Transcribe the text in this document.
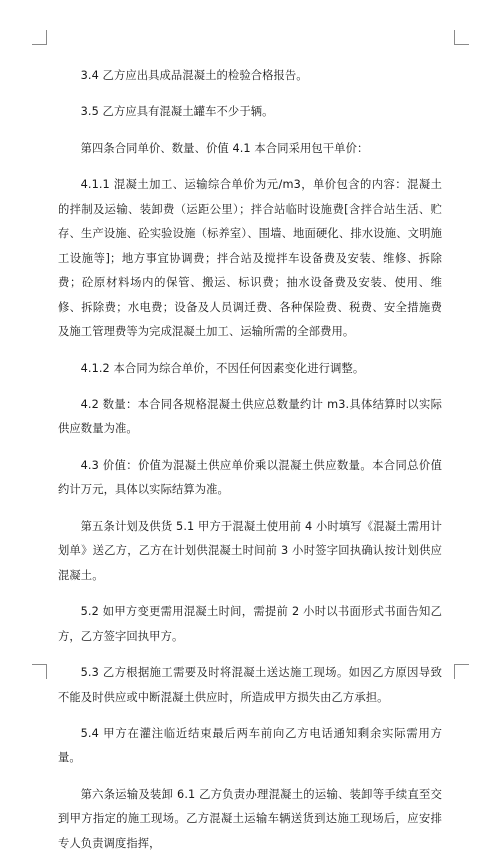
3.4 乙方应出具成品混凝土的检验合格报告。

3.5 乙方应具有混凝土罐车不少于辆。

第四条合同单价、数量、价值 4.1 本合同采用包干单价：

4.1.1 混凝土加工、运输综合单价为元/m3，单价包含的内容：混凝土的拌制及运输、装卸费（运距公里）；拌合站临时设施费[含拌合站生活、贮存、生产设施、砼实验设施（标养室）、围墙、地面硬化、排水设施、文明施工设施等]；地方事宜协调费；拌合站及搅拌车设备费及安装、维修、拆除费；砼原材料场内的保管、搬运、标识费；抽水设备费及安装、使用、维修、拆除费；水电费；设备及人员调迁费、各种保险费、税费、安全措施费及施工管理费等为完成混凝土加工、运输所需的全部费用。

4.1.2 本合同为综合单价，不因任何因素变化进行调整。

4.2 数量：本合同各规格混凝土供应总数量约计 m3.具体结算时以实际供应数量为准。

4.3 价值：价值为混凝土供应单价乘以混凝土供应数量。本合同总价值约计万元，具体以实际结算为准。

第五条计划及供货 5.1 甲方于混凝土使用前 4 小时填写《混凝土需用计划单》送乙方，乙方在计划供混凝土时间前 3 小时签字回执确认按计划供应混凝土。

5.2 如甲方变更需用混凝土时间，需提前 2 小时以书面形式书面告知乙方，乙方签字回执甲方。

5.3 乙方根据施工需要及时将混凝土送达施工现场。如因乙方原因导致不能及时供应或中断混凝土供应时，所造成甲方损失由乙方承担。

5.4 甲方在灌注临近结束最后两车前向乙方电话通知剩余实际需用方量。

第六条运输及装卸 6.1 乙方负责办理混凝土的运输、装卸等手续直至交到甲方指定的施工现场。乙方混凝土运输车辆送货到达施工现场后，应安排专人负责调度指挥，
